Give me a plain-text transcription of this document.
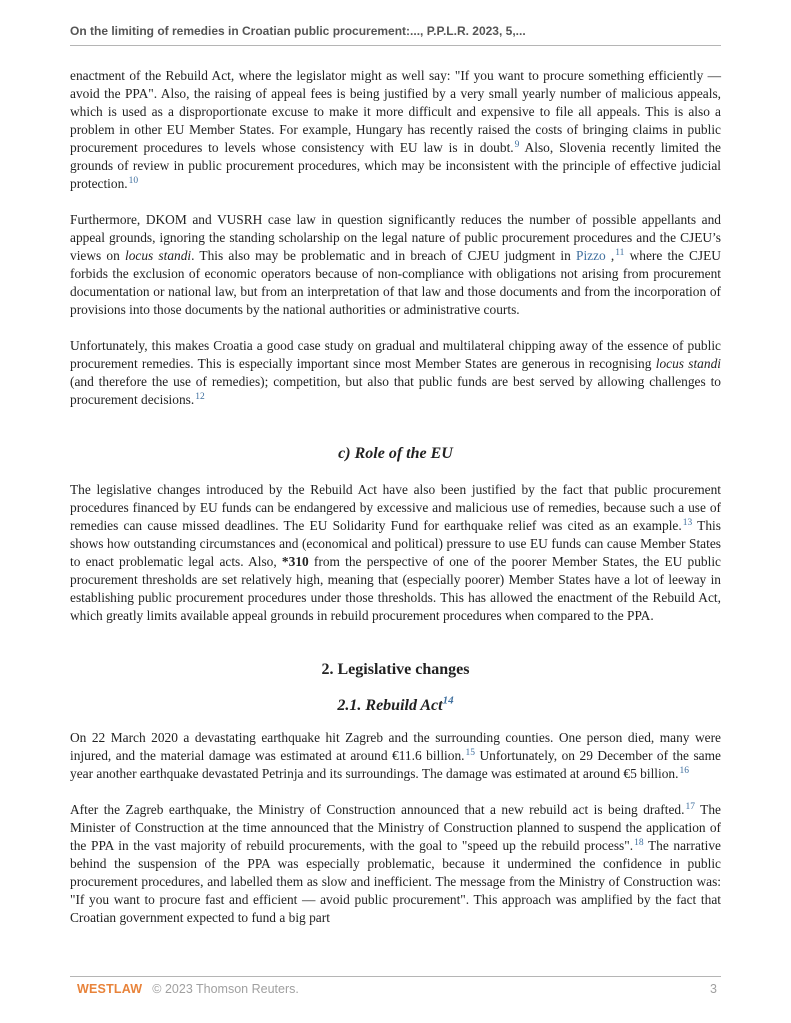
On the limiting of remedies in Croatian public procurement:..., P.P.L.R. 2023, 5,...

enactment of the Rebuild Act, where the legislator might as well say: "If you want to procure something efficiently — avoid the PPA". Also, the raising of appeal fees is being justified by a very small yearly number of malicious appeals, which is used as a disproportionate excuse to make it more difficult and expensive to file all appeals. This is also a problem in other EU Member States. For example, Hungary has recently raised the costs of bringing claims in public procurement procedures to levels whose consistency with EU law is in doubt.$^9$ Also, Slovenia recently limited the grounds of review in public procurement procedures, which may be inconsistent with the principle of effective judicial protection.$^{10}$

Furthermore, DKOM and VUSRH case law in question significantly reduces the number of possible appellants and appeal grounds, ignoring the standing scholarship on the legal nature of public procurement procedures and the CJEU’s views on locus standi. This also may be problematic and in breach of CJEU judgment in Pizzo ,$^{11}$ where the CJEU forbids the exclusion of economic operators because of non-compliance with obligations not arising from procurement documentation or national law, but from an interpretation of that law and those documents and from the incorporation of provisions into those documents by the national authorities or administrative courts.

Unfortunately, this makes Croatia a good case study on gradual and multilateral chipping away of the essence of public procurement remedies. This is especially important since most Member States are generous in recognising locus standi (and therefore the use of remedies); competition, but also that public funds are best served by allowing challenges to procurement decisions.$^{12}$

c) Role of the EU

The legislative changes introduced by the Rebuild Act have also been justified by the fact that public procurement procedures financed by EU funds can be endangered by excessive and malicious use of remedies, because such a use of remedies can cause missed deadlines. The EU Solidarity Fund for earthquake relief was cited as an example.$^{13}$ This shows how outstanding circumstances and (economical and political) pressure to use EU funds can cause Member States to enact problematic legal acts. Also, *310 from the perspective of one of the poorer Member States, the EU public procurement thresholds are set relatively high, meaning that (especially poorer) Member States have a lot of leeway in establishing public procurement procedures under those thresholds. This has allowed the enactment of the Rebuild Act, which greatly limits available appeal grounds in rebuild procurement procedures when compared to the PPA.

2. Legislative changes
2.1. Rebuild Act$^{14}$

On 22 March 2020 a devastating earthquake hit Zagreb and the surrounding counties. One person died, many were injured, and the material damage was estimated at around €11.6 billion.$^{15}$ Unfortunately, on 29 December of the same year another earthquake devastated Petrinja and its surroundings. The damage was estimated at around €5 billion.$^{16}$

After the Zagreb earthquake, the Ministry of Construction announced that a new rebuild act is being drafted.$^{17}$ The Minister of Construction at the time announced that the Ministry of Construction planned to suspend the application of the PPA in the vast majority of rebuild procurements, with the goal to "speed up the rebuild process".$^{18}$ The narrative behind the suspension of the PPA was especially problematic, because it undermined the confidence in public procurement procedures, and labelled them as slow and inefficient. The message from the Ministry of Construction was: "If you want to procure fast and efficient — avoid public procurement". This approach was amplified by the fact that Croatian government expected to fund a big part

WESTLAW © 2023 Thomson Reuters.	3
